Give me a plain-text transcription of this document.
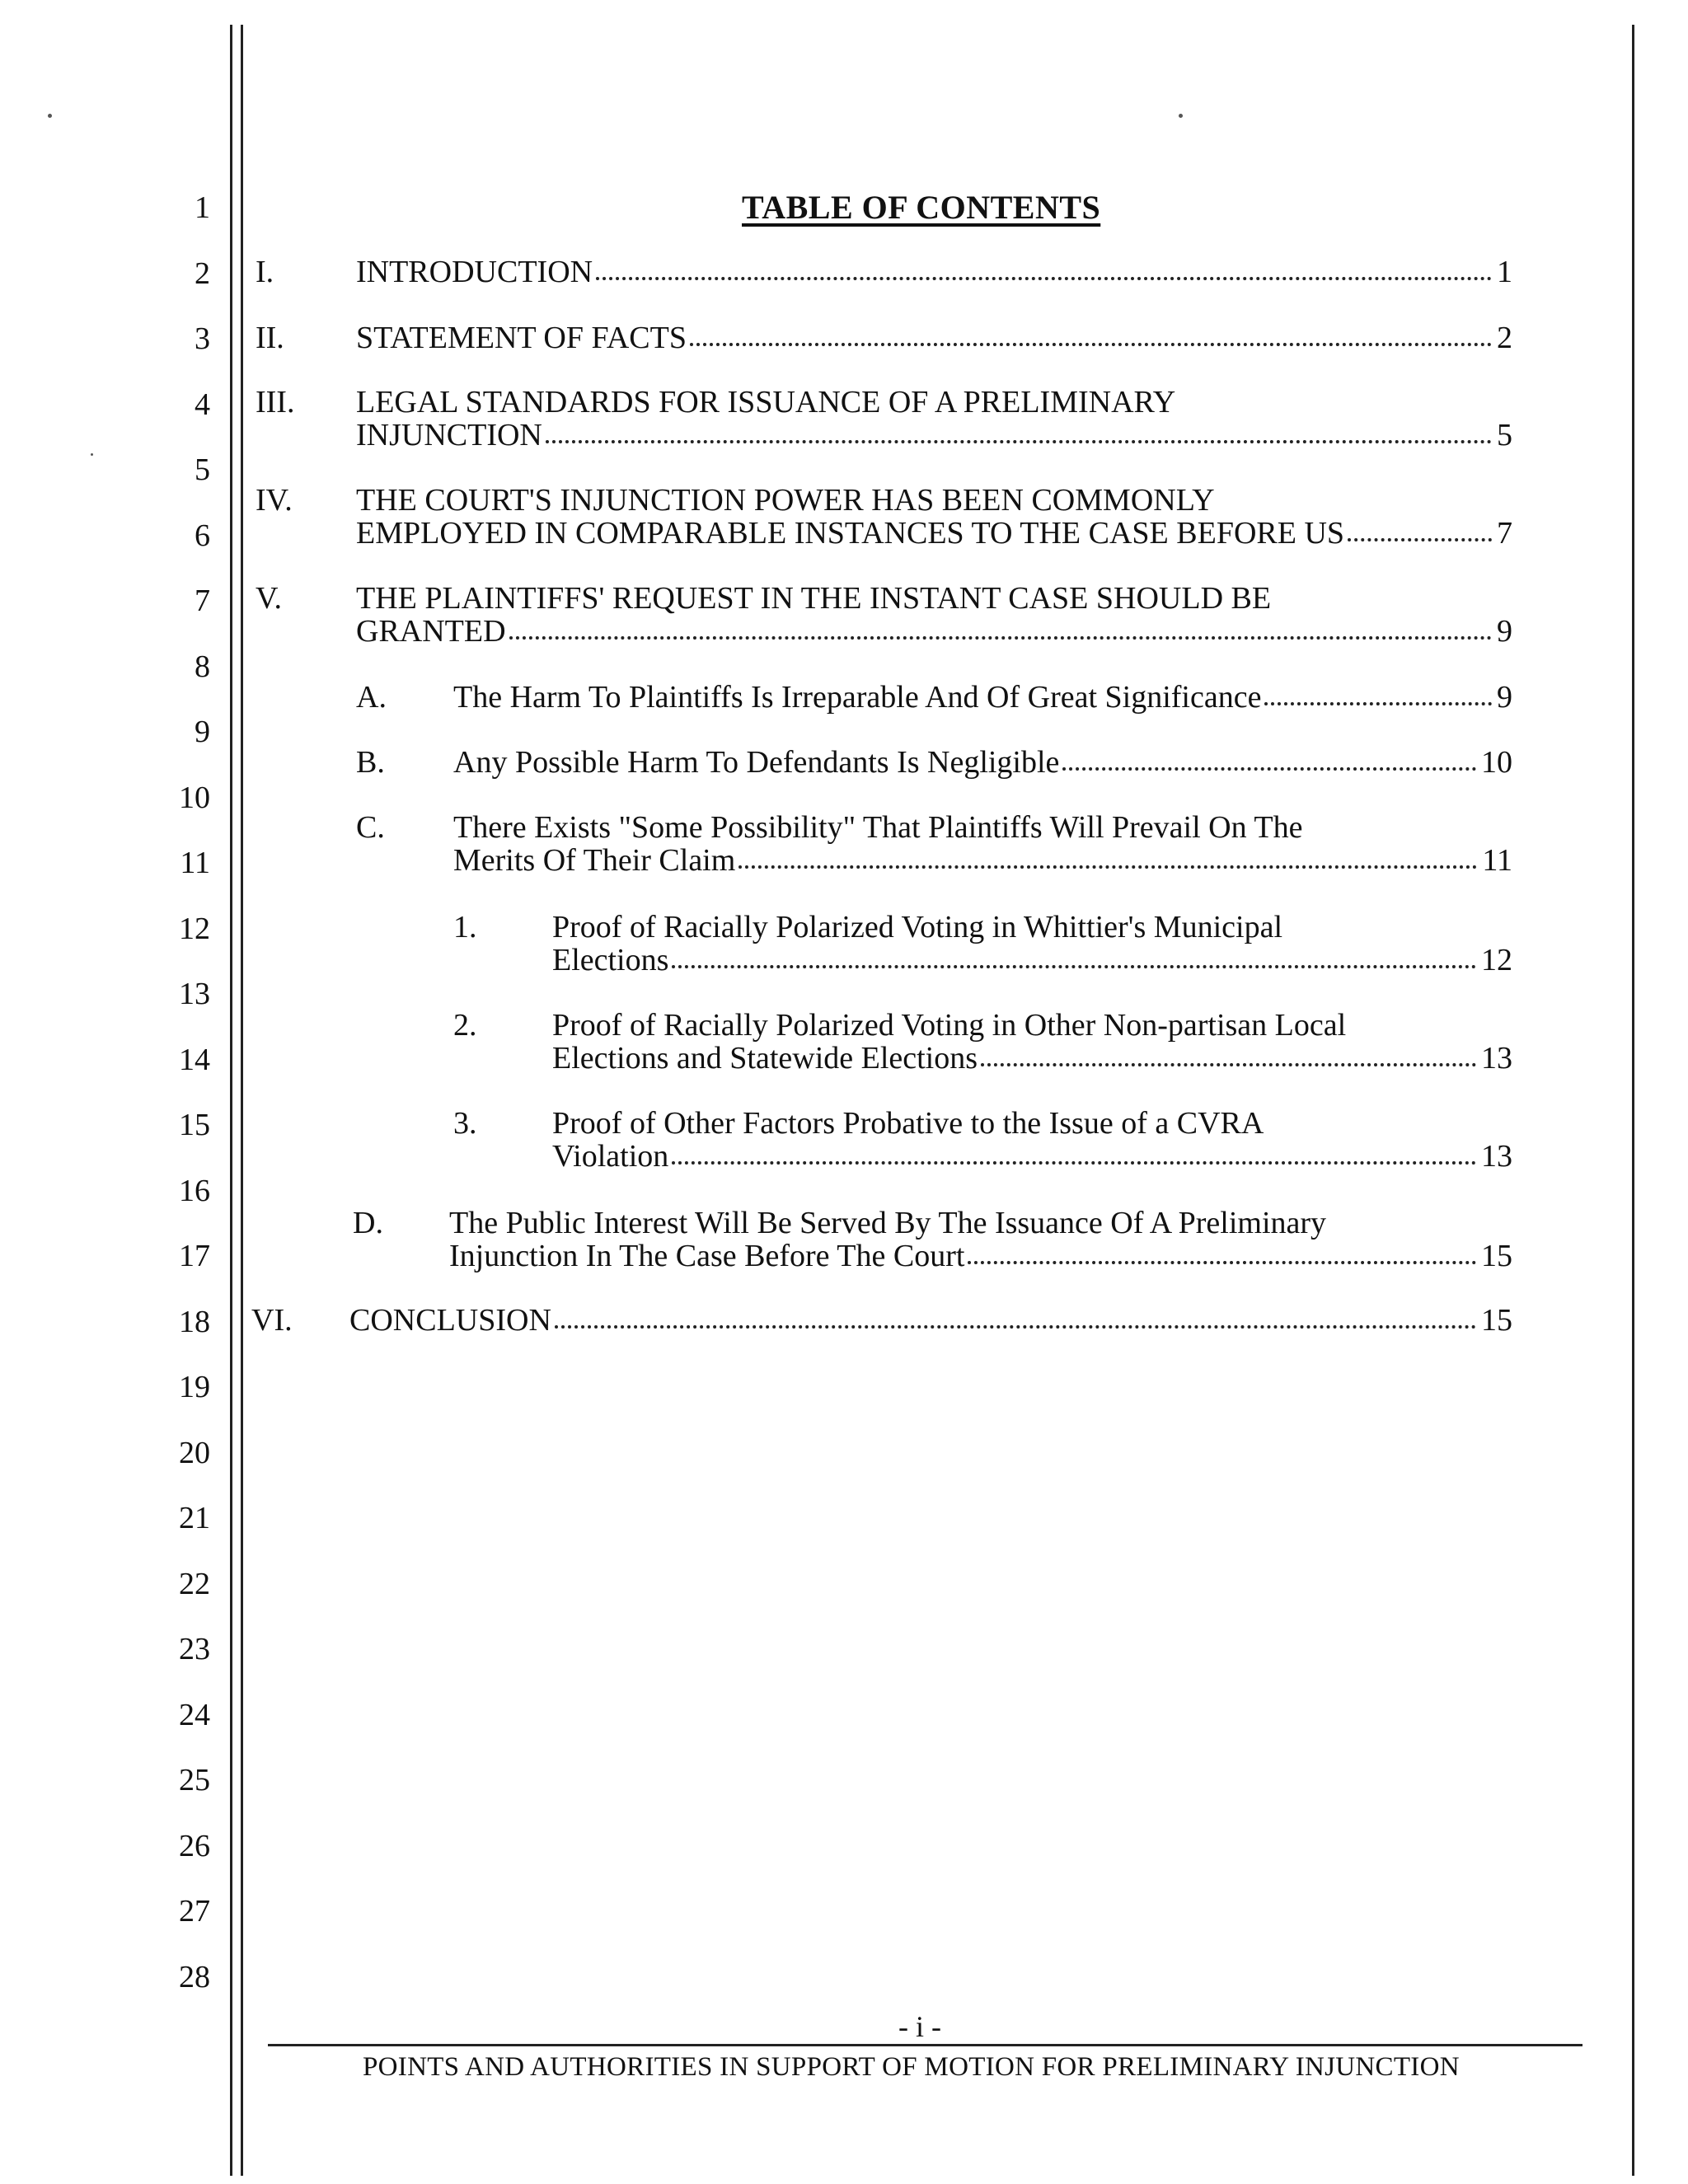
1
2
3
4
5
6
7
8
9
10
11
12
13
14
15
16
17
18
19
20
21
22
23
24
25
26
27
28
TABLE OF CONTENTS
I.	INTRODUCTION	1
II. STATEMENT OF FACTS	2
III. LEGAL STANDARDS FOR ISSUANCE OF A PRELIMINARY
INJUNCTION	5
IV. THE COURT'S INJUNCTION POWER HAS BEEN COMMONLY
EMPLOYED IN COMPARABLE INSTANCES TO THE CASE BEFORE US	7
V. THE PLAINTIFFS' REQUEST IN THE INSTANT CASE SHOULD BE
GRANTED	9
A. The Harm To Plaintiffs Is Irreparable And Of Great Significance	9
B. Any Possible Harm To Defendants Is Negligible	10
C. There Exists "Some Possibility" That Plaintiffs Will Prevail On The
Merits Of Their Claim	11
1. Proof of Racially Polarized Voting in Whittier's Municipal
Elections	12
2. Proof of Racially Polarized Voting in Other Non-partisan Local
Elections and Statewide Elections	13
3. Proof of Other Factors Probative to the Issue of a CVRA
Violation	13
D. The Public Interest Will Be Served By The Issuance Of A Preliminary
Injunction In The Case Before The Court	15
VI. CONCLUSION	15
- i -
POINTS AND AUTHORITIES IN SUPPORT OF MOTION FOR PRELIMINARY INJUNCTION
